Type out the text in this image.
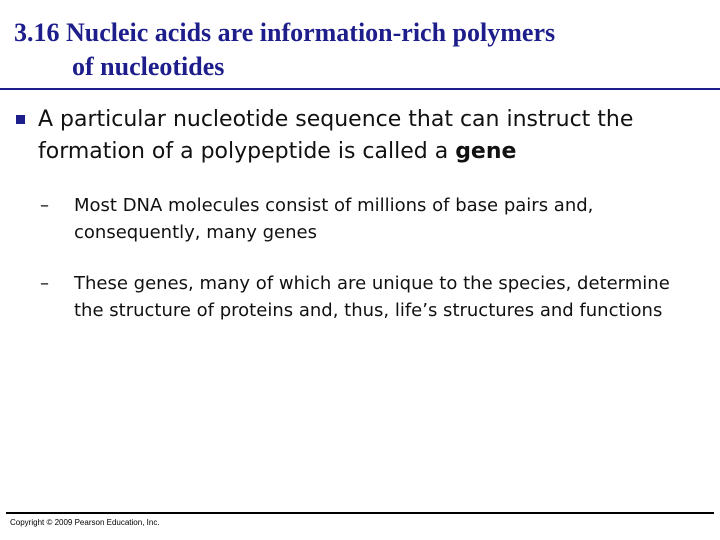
3.16 Nucleic acids are information-rich polymers
of nucleotides
A particular nucleotide sequence that can instruct the formation of a polypeptide is called a gene
–	Most DNA molecules consist of millions of base pairs and, consequently, many genes
–	These genes, many of which are unique to the species, determine the structure of proteins and, thus, life’s structures and functions
Copyright © 2009 Pearson Education, Inc.
